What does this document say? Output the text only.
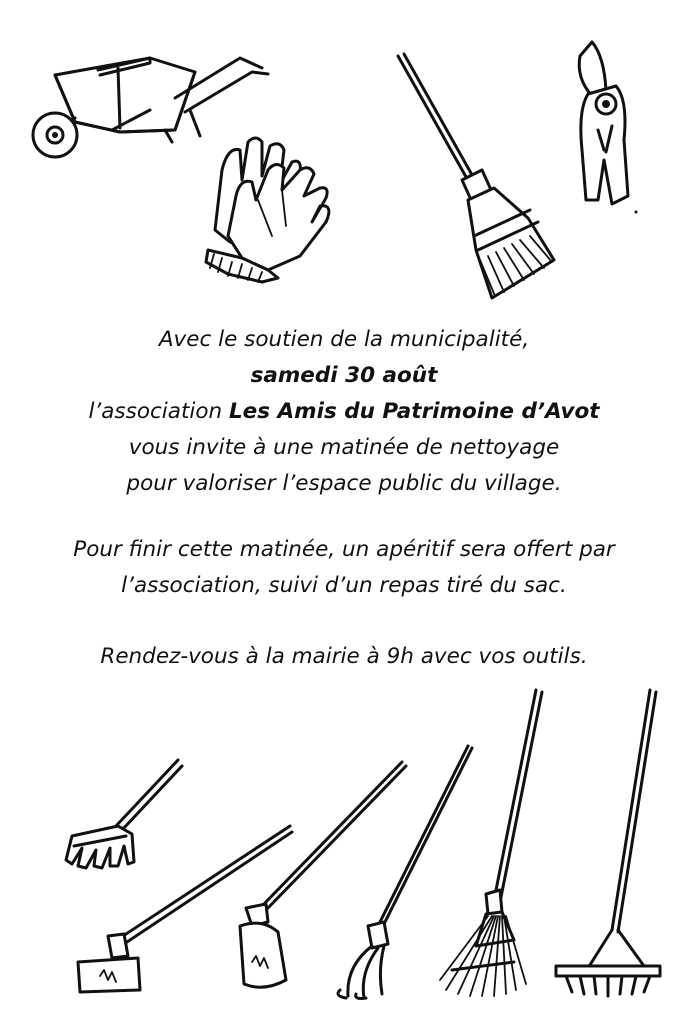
Avec le soutien de la municipalité,
samedi 30 août
l’association Les Amis du Patrimoine d’Avot
vous invite à une matinée de nettoyage
pour valoriser l’espace public du village.
Pour finir cette matinée, un apéritif sera offert par
l’association, suivi d’un repas tiré du sac.
Rendez-vous à la mairie à 9h avec vos outils.
